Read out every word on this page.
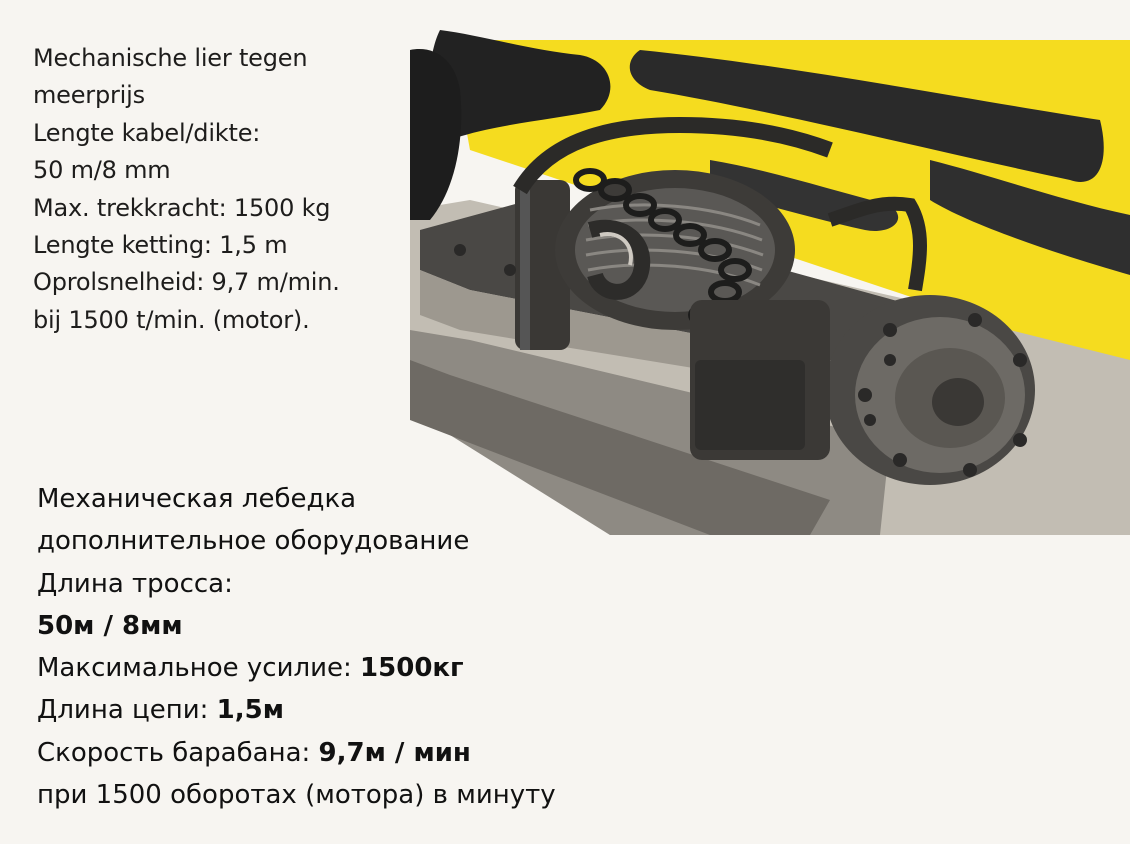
Mechanische lier tegen
meerprijs
Lengte kabel/dikte:
50 m/8 mm
Max. trekkracht: 1500 kg
Lengte ketting: 1,5 m
Oprolsnelheid: 9,7 m/min.
bij 1500 t/min. (motor).
Механическая лебедка
дополнительное оборудование
Длина тросса:
50м / 8мм
Максимальное усилие: 1500кг
Длина цепи: 1,5м
Скорость барабана: 9,7м / мин
при 1500 оборотах (мотора) в минуту
